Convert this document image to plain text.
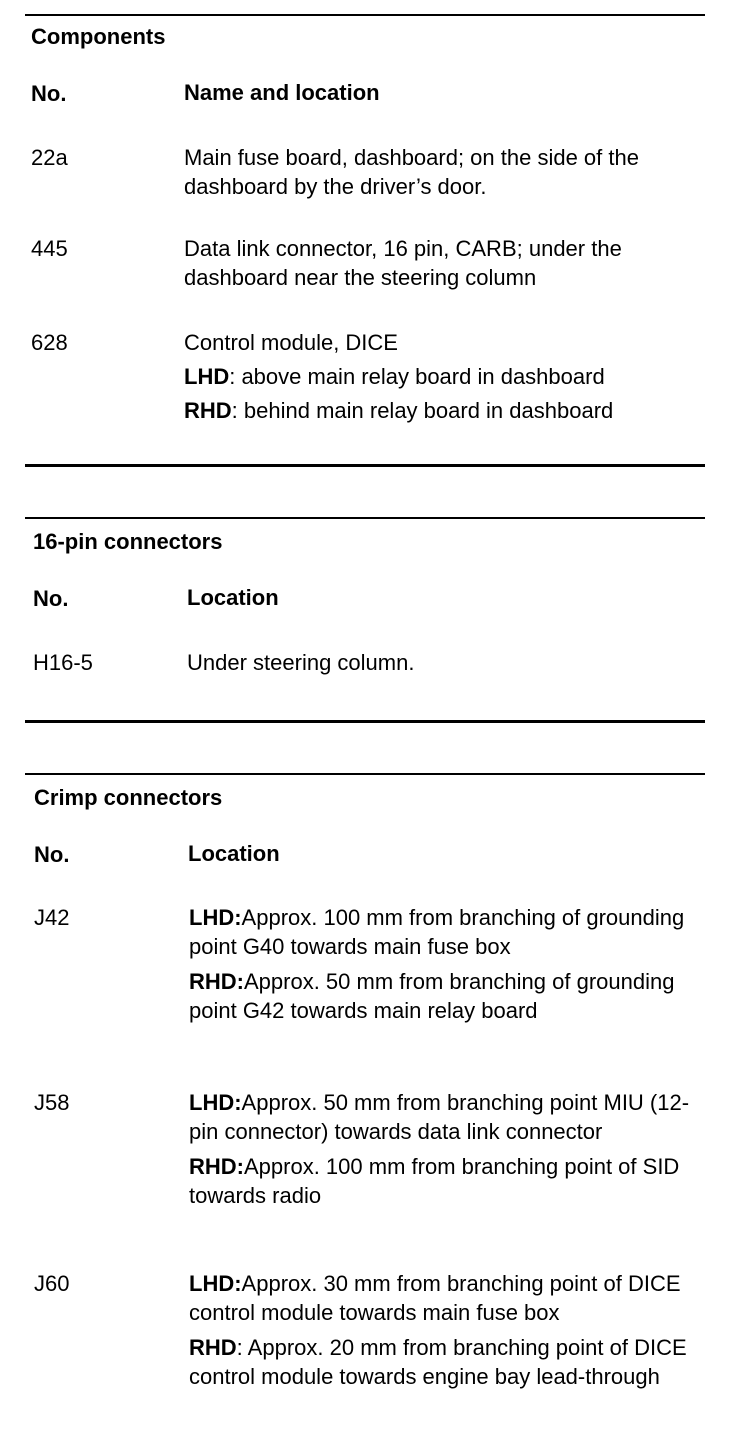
Components
No.	Name and location
22a	Main fuse board, dashboard; on the side of the dashboard by the driver’s door.
445	Data link connector, 16 pin, CARB; under the dashboard near the steering column
628	Control module, DICE
LHD: above main relay board in dashboard
RHD: behind main relay board in dashboard
16-pin connectors
No.	Location
H16-5	Under steering column.
Crimp connectors
No.	Location
J42	LHD:Approx. 100 mm from branching of grounding point G40 towards main fuse box
RHD:Approx. 50 mm from branching of grounding point G42 towards main relay board
J58	LHD:Approx. 50 mm from branching point MIU (12-pin connector) towards data link connector
RHD:Approx. 100 mm from branching point of SID towards radio
J60	LHD:Approx. 30 mm from branching point of DICE control module towards main fuse box
RHD: Approx. 20 mm from branching point of DICE control module towards engine bay lead-through
